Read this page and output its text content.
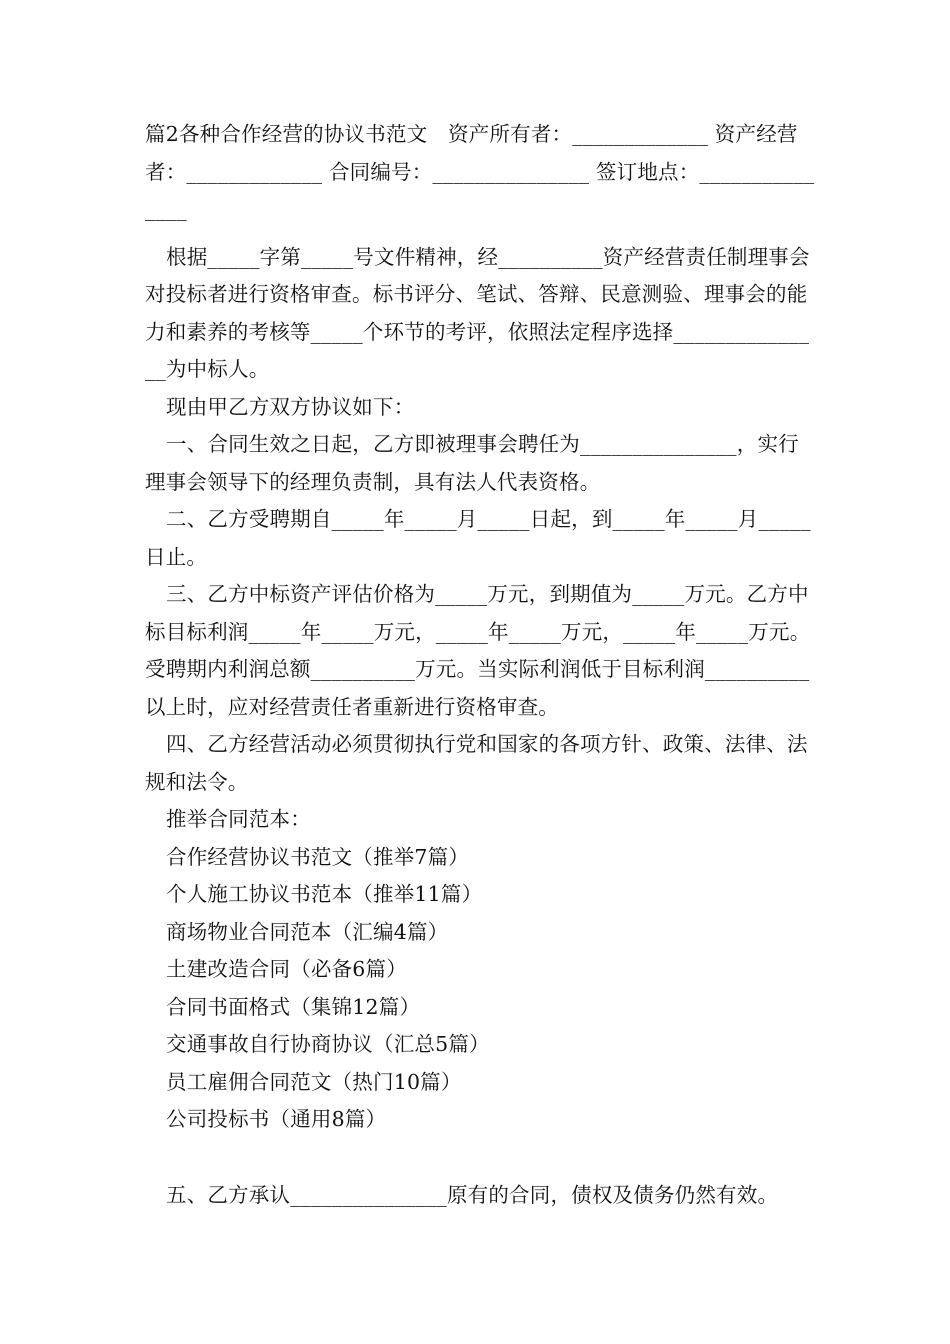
篇2各种合作经营的协议书范文　资产所有者：_____________ 资产经营者：_____________ 合同编号：_______________ 签订地点：_______________

根据_____字第_____号文件精神，经__________资产经营责任制理事会对投标者进行资格审查。标书评分、笔试、答辩、民意测验、理事会的能力和素养的考核等_____个环节的考评，依照法定程序选择_______________为中标人。

现由甲乙方双方协议如下：

一、合同生效之日起，乙方即被理事会聘任为_______________，实行理事会领导下的经理负责制，具有法人代表资格。

二、乙方受聘期自_____年_____月_____日起，到_____年_____月_____日止。

三、乙方中标资产评估价格为_____万元，到期值为_____万元。乙方中标目标利润_____年_____万元，_____年_____万元，_____年_____万元。受聘期内利润总额__________万元。当实际利润低于目标利润__________以上时，应对经营责任者重新进行资格审查。

四、乙方经营活动必须贯彻执行党和国家的各项方针、政策、法律、法规和法令。

推举合同范本：

合作经营协议书范文（推举7篇）

个人施工协议书范本（推举11篇）

商场物业合同范本（汇编4篇）

土建改造合同（必备6篇）

合同书面格式（集锦12篇）

交通事故自行协商协议（汇总5篇）

员工雇佣合同范文（热门10篇）

公司投标书（通用8篇）

五、乙方承认_______________原有的合同，债权及债务仍然有效。
